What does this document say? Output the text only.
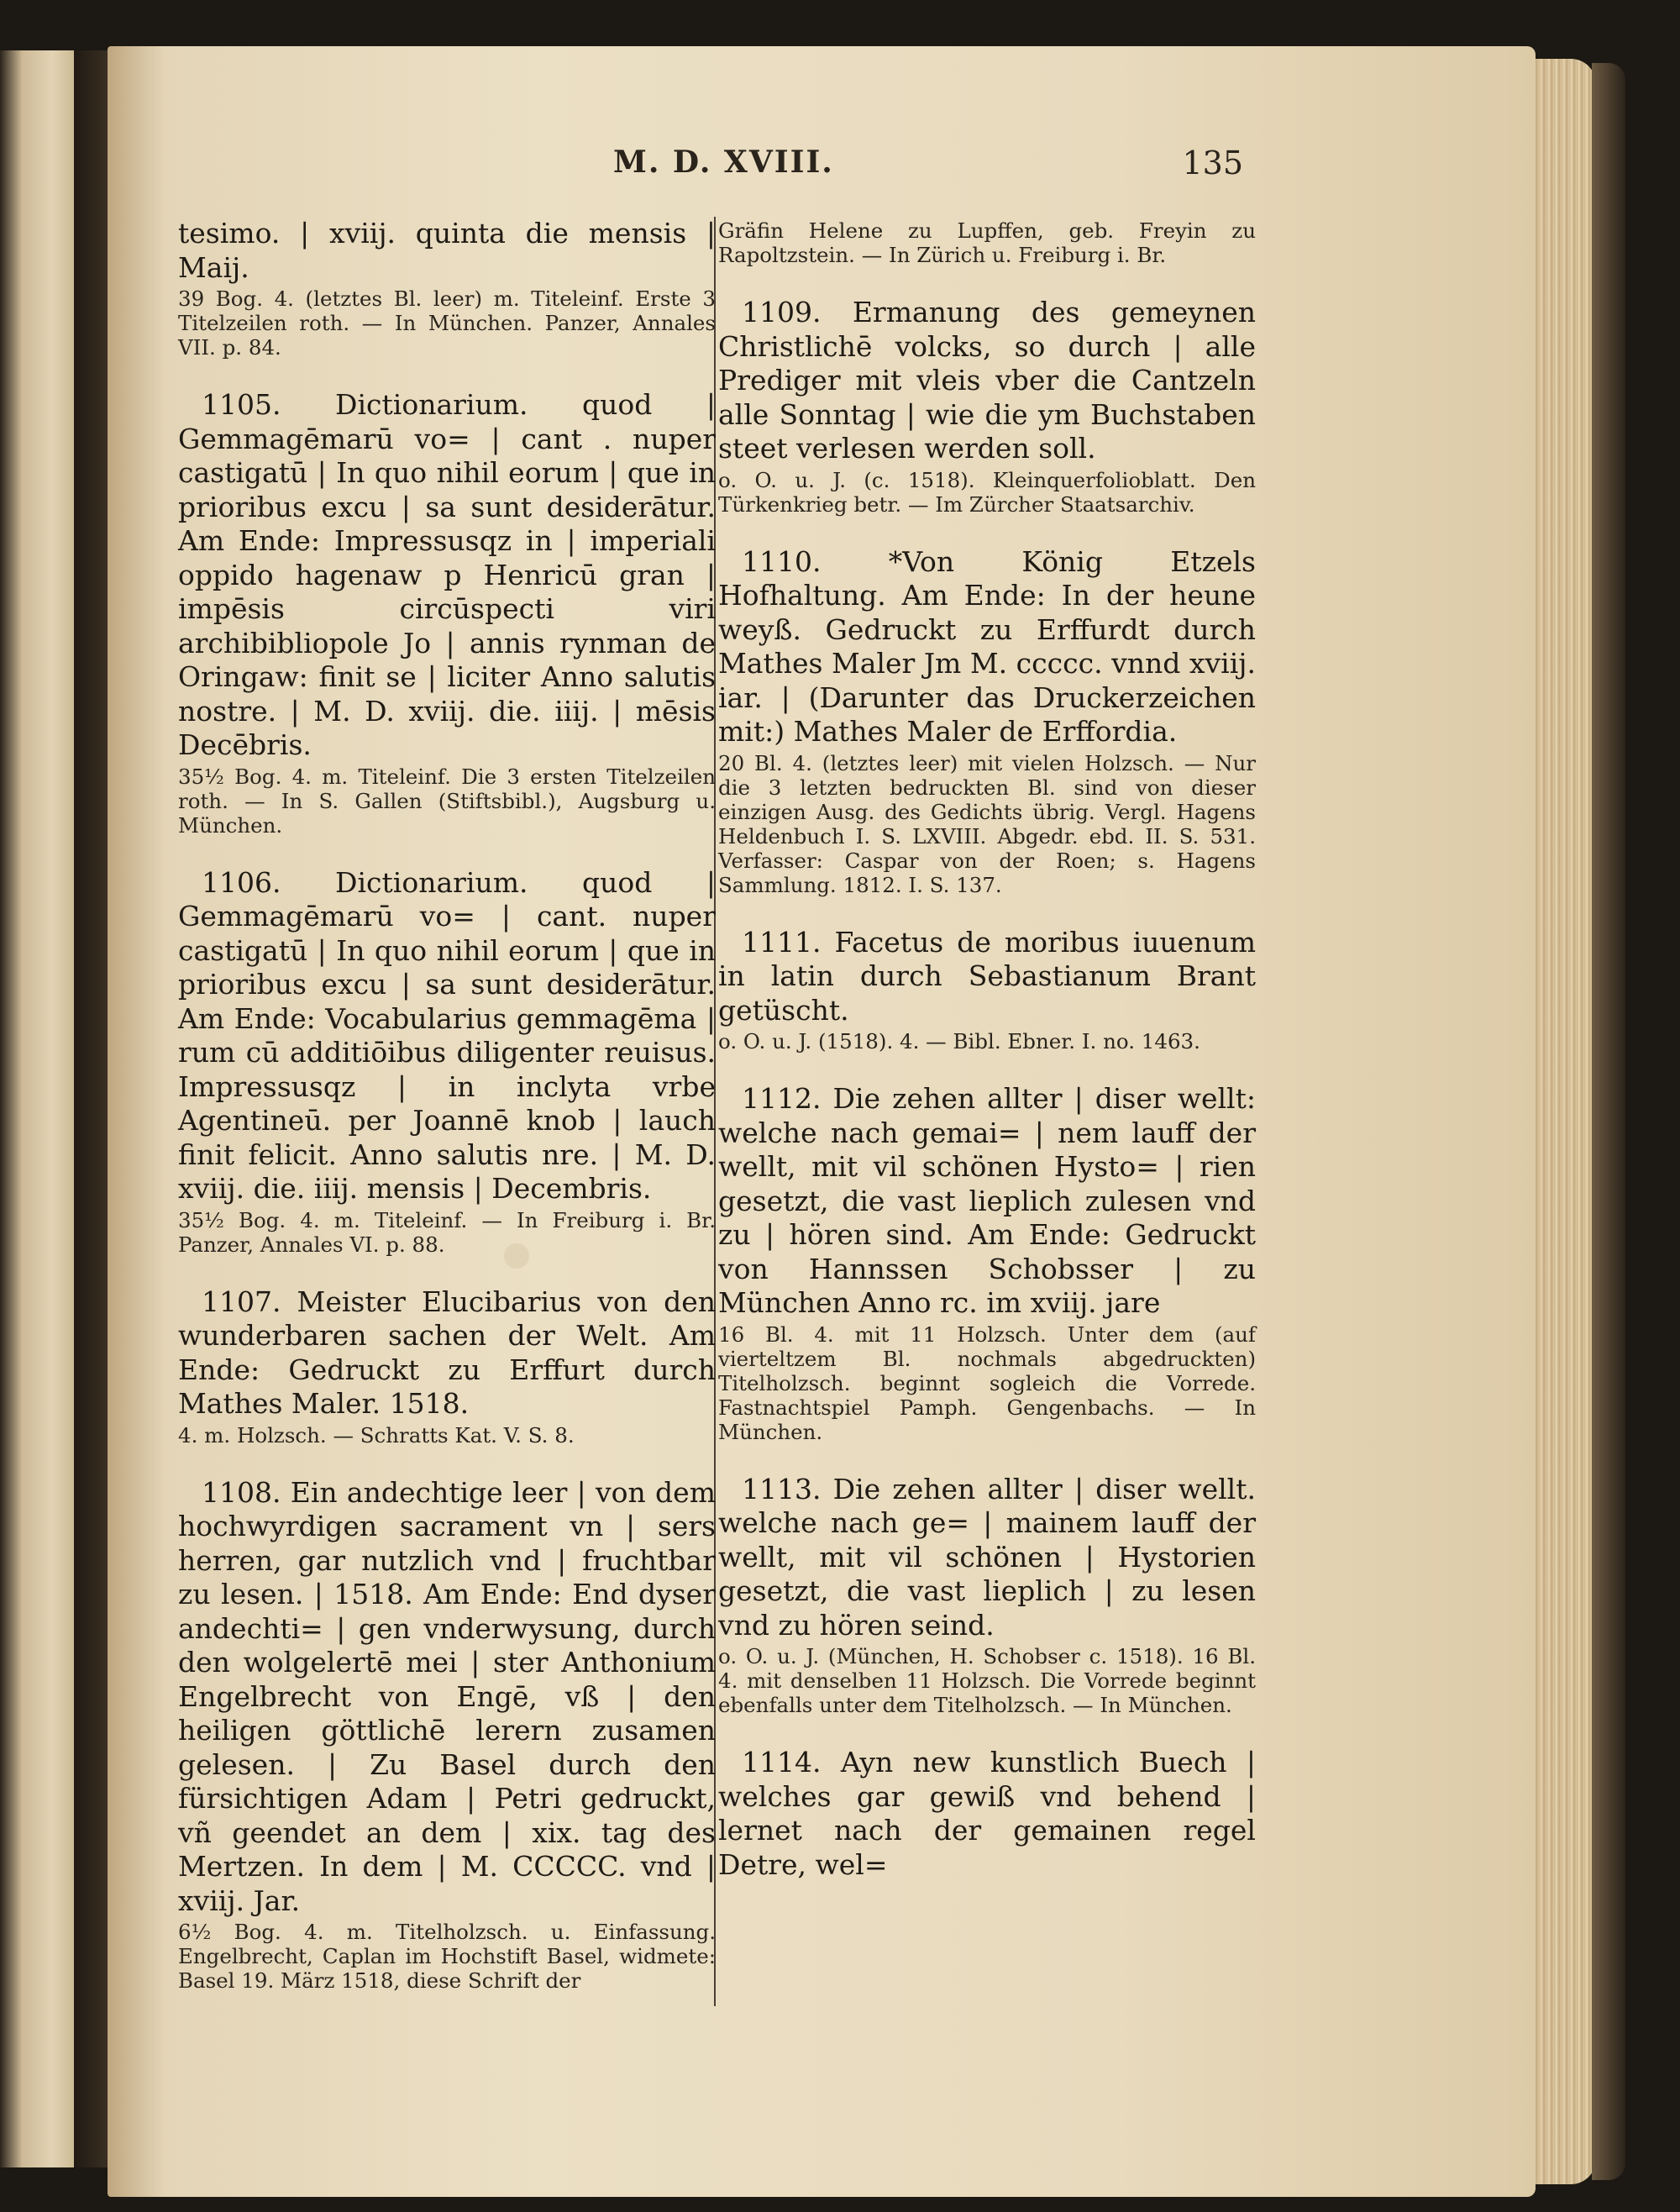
M. D. XVIII.	135

tesimo. | xviij. quinta die mensis | Maij.

39 Bog. 4. (letztes Bl. leer) m. Titeleinf. Erste 3 Titelzeilen roth. — In München. Panzer, Annales VII. p. 84.

1105. Dictionarium. quod | Gemmagēmarū vo= | cant . nuper castigatū | In quo nihil eorum | que in prioribus excu | sa sunt desiderātur. Am Ende: Impressusqz in | imperiali oppido hagenaw p Henricū gran | impēsis circūspecti viri archibibliopole Jo | annis rynman de Oringaw: finit se | liciter Anno salutis nostre. | M. D. xviij. die. iiij. | mēsis Decēbris.

35½ Bog. 4. m. Titeleinf. Die 3 ersten Titelzeilen roth. — In S. Gallen (Stiftsbibl.), Augsburg u. München.

1106. Dictionarium. quod | Gemmagēmarū vo= | cant. nuper castigatū | In quo nihil eorum | que in prioribus excu | sa sunt desiderātur. Am Ende: Vocabularius gemmagēma | rum cū additiōibus diligenter reuisus. Impressusqz | in inclyta vrbe Agentineū. per Joannē knob | lauch finit felicit. Anno salutis nre. | M. D. xviij. die. iiij. mensis | Decembris.

35½ Bog. 4. m. Titeleinf. — In Freiburg i. Br. Panzer, Annales VI. p. 88.

1107. Meister Elucibarius von den wunderbaren sachen der Welt. Am Ende: Gedruckt zu Erffurt durch Mathes Maler. 1518.

4. m. Holzsch. — Schratts Kat. V. S. 8.

1108. Ein andechtige leer | von dem hochwyrdigen sacrament vn | sers herren, gar nutzlich vnd | fruchtbar zu lesen. | 1518. Am Ende: End dyser andechti= | gen vnderwysung, durch den wolgelertē mei | ster Anthonium Engelbrecht von Engē, vß | den heiligen göttlichē lerern zusamen gelesen. | Zu Basel durch den fürsichtigen Adam | Petri gedruckt, vñ geendet an dem | xix. tag des Mertzen. In dem | M. CCCCC. vnd | xviij. Jar.

6½ Bog. 4. m. Titelholzsch. u. Einfassung. Engelbrecht, Caplan im Hochstift Basel, widmete: Basel 19. März 1518, diese Schrift der

Gräfin Helene zu Lupffen, geb. Freyin zu Rapoltzstein. — In Zürich u. Freiburg i. Br.

1109. Ermanung des gemeynen Christlichē volcks, so durch | alle Prediger mit vleis vber die Cantzeln alle Sonntag | wie die ym Buchstaben steet verlesen werden soll.

o. O. u. J. (c. 1518). Kleinquerfolioblatt. Den Türkenkrieg betr. — Im Zürcher Staatsarchiv.

1110. *Von König Etzels Hofhaltung. Am Ende: In der heune weyß. Gedruckt zu Erffurdt durch Mathes Maler Jm M. ccccc. vnnd xviij. iar. | (Darunter das Druckerzeichen mit:) Mathes Maler de Erffordia.

20 Bl. 4. (letztes leer) mit vielen Holzsch. — Nur die 3 letzten bedruckten Bl. sind von dieser einzigen Ausg. des Gedichts übrig. Vergl. Hagens Heldenbuch I. S. LXVIII. Abgedr. ebd. II. S. 531. Verfasser: Caspar von der Roen; s. Hagens Sammlung. 1812. I. S. 137.

1111. Facetus de moribus iuuenum in latin durch Sebastianum Brant getüscht.

o. O. u. J. (1518). 4. — Bibl. Ebner. I. no. 1463.

1112. Die zehen allter | diser wellt: welche nach gemai= | nem lauff der wellt, mit vil schönen Hysto= | rien gesetzt, die vast lieplich zulesen vnd zu | hören sind. Am Ende: Gedruckt von Hannssen Schobsser | zu München Anno rc. im xviij. jare

16 Bl. 4. mit 11 Holzsch. Unter dem (auf vierteltzem Bl. nochmals abgedruckten) Titelholzsch. beginnt sogleich die Vorrede. Fastnachtspiel Pamph. Gengenbachs. — In München.

1113. Die zehen allter | diser wellt. welche nach ge= | mainem lauff der wellt, mit vil schönen | Hystorien gesetzt, die vast lieplich | zu lesen vnd zu hören seind.

o. O. u. J. (München, H. Schobser c. 1518). 16 Bl. 4. mit denselben 11 Holzsch. Die Vorrede beginnt ebenfalls unter dem Titelholzsch. — In München.

1114. Ayn new kunstlich Buech | welches gar gewiß vnd behend | lernet nach der gemainen regel Detre, wel=
